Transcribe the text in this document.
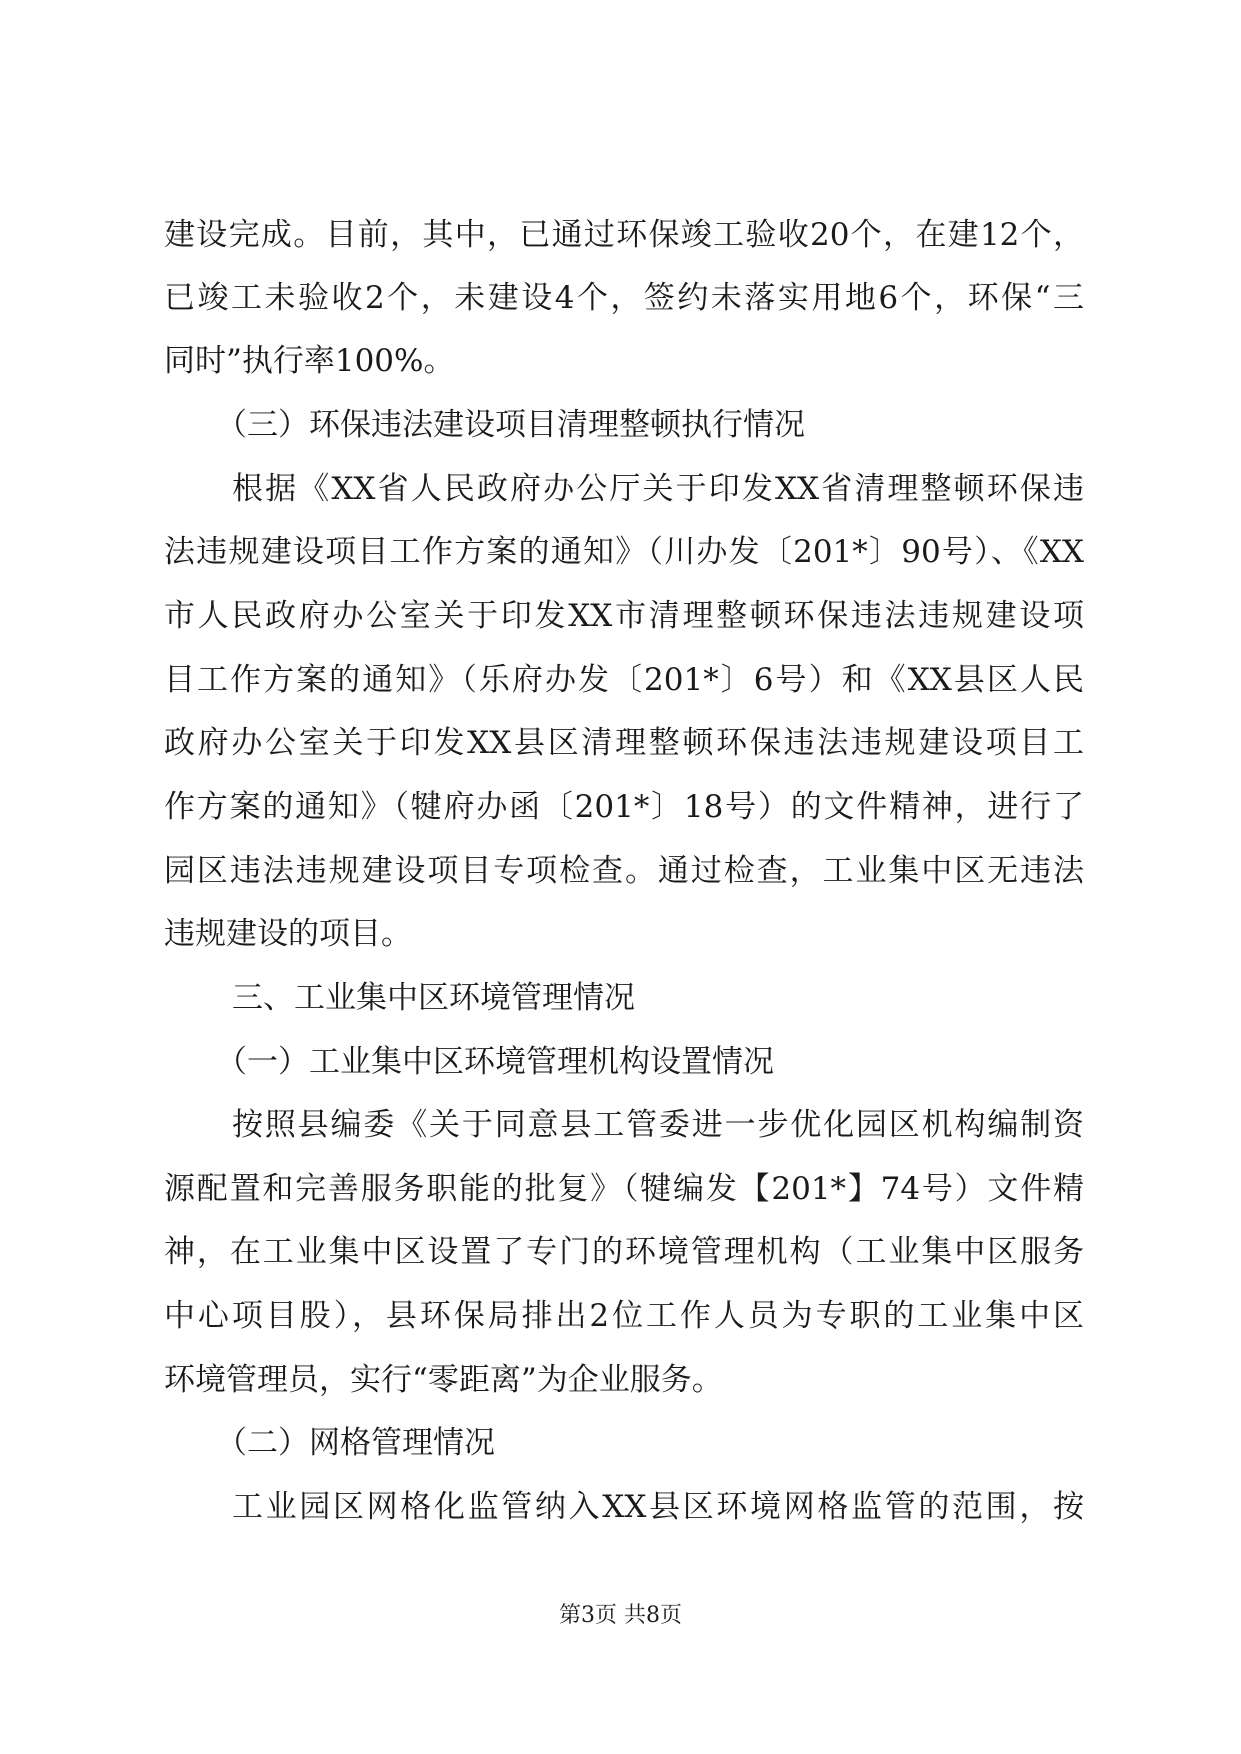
建设完成。目前，其中，已通过环保竣工验收20个，在建12个，
已竣工未验收2个，未建设4个，签约未落实用地6个，环保“三
同时”执行率100%。
（三）环保违法建设项目清理整顿执行情况
根据《XX省人民政府办公厅关于印发XX省清理整顿环保违
法违规建设项目工作方案的通知》（川办发〔201*〕90号）、《XX
市人民政府办公室关于印发XX市清理整顿环保违法违规建设项
目工作方案的通知》（乐府办发〔201*〕6号）和《XX县区人民
政府办公室关于印发XX县区清理整顿环保违法违规建设项目工
作方案的通知》（犍府办函〔201*〕18号）的文件精神，进行了
园区违法违规建设项目专项检查。通过检查，工业集中区无违法
违规建设的项目。
三、工业集中区环境管理情况
（一）工业集中区环境管理机构设置情况
按照县编委《关于同意县工管委进一步优化园区机构编制资
源配置和完善服务职能的批复》（犍编发【201*】74号）文件精
神，在工业集中区设置了专门的环境管理机构（工业集中区服务
中心项目股），县环保局排出2位工作人员为专职的工业集中区
环境管理员，实行“零距离”为企业服务。
（二）网格管理情况
工业园区网格化监管纳入XX县区环境网格监管的范围，按
第3页 共8页
